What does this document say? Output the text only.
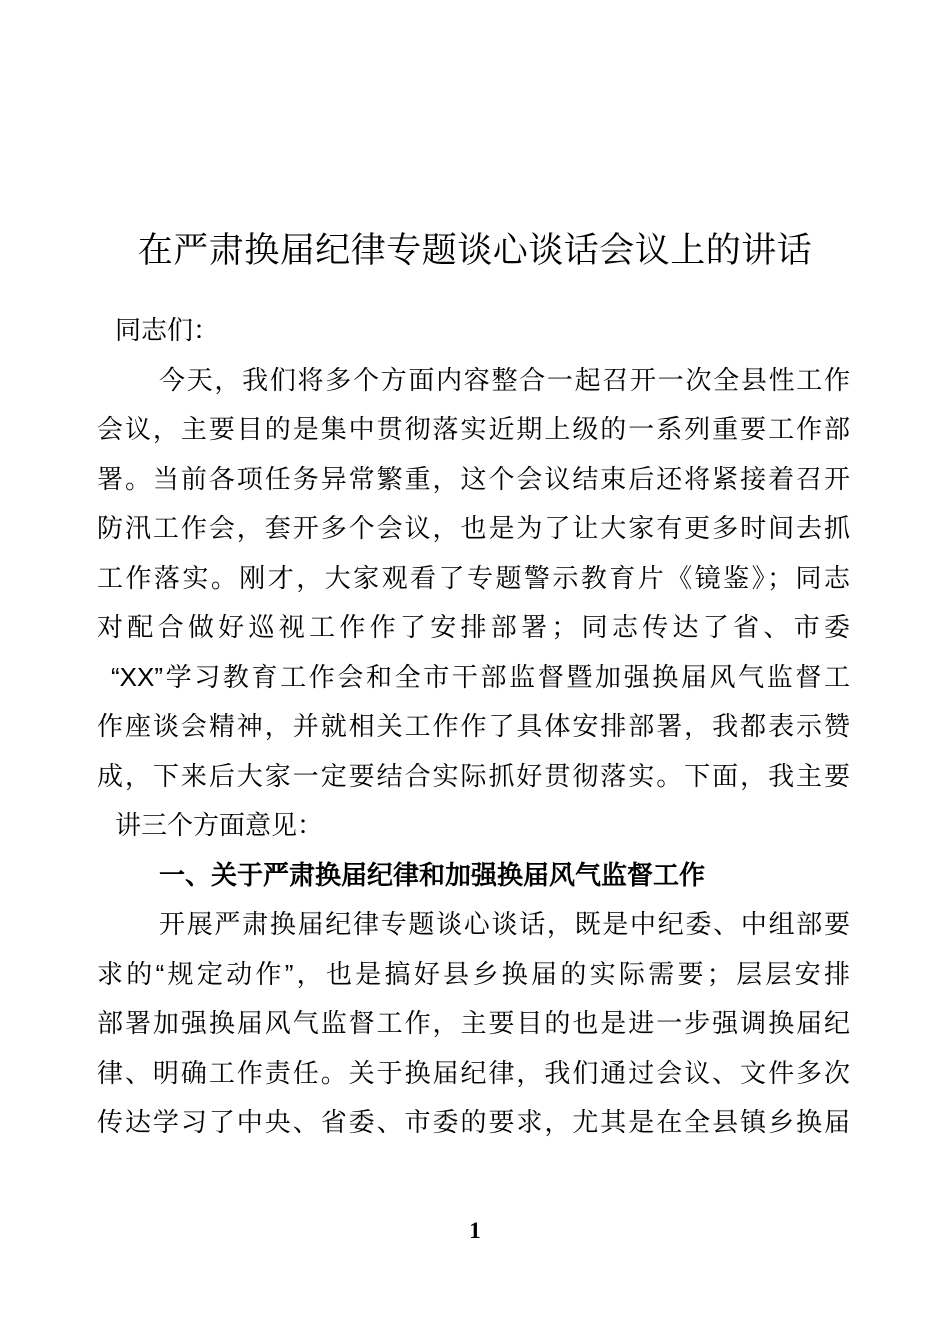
在严肃换届纪律专题谈心谈话会议上的讲话
同志们：
今天，我们将多个方面内容整合一起召开一次全县性工作
会议，主要目的是集中贯彻落实近期上级的一系列重要工作部
署。当前各项任务异常繁重，这个会议结束后还将紧接着召开
防汛工作会，套开多个会议，也是为了让大家有更多时间去抓
工作落实。刚才，大家观看了专题警示教育片《镜鉴》；同志
对配合做好巡视工作作了安排部署；同志传达了省、市委
“XX”学习教育工作会和全市干部监督暨加强换届风气监督工
作座谈会精神，并就相关工作作了具体安排部署，我都表示赞
成，下来后大家一定要结合实际抓好贯彻落实。下面，我主要
讲三个方面意见：
一、关于严肃换届纪律和加强换届风气监督工作
开展严肃换届纪律专题谈心谈话，既是中纪委、中组部要
求的“规定动作”，也是搞好县乡换届的实际需要；层层安排
部署加强换届风气监督工作，主要目的也是进一步强调换届纪
律、明确工作责任。关于换届纪律，我们通过会议、文件多次
传达学习了中央、省委、市委的要求，尤其是在全县镇乡换届
1
